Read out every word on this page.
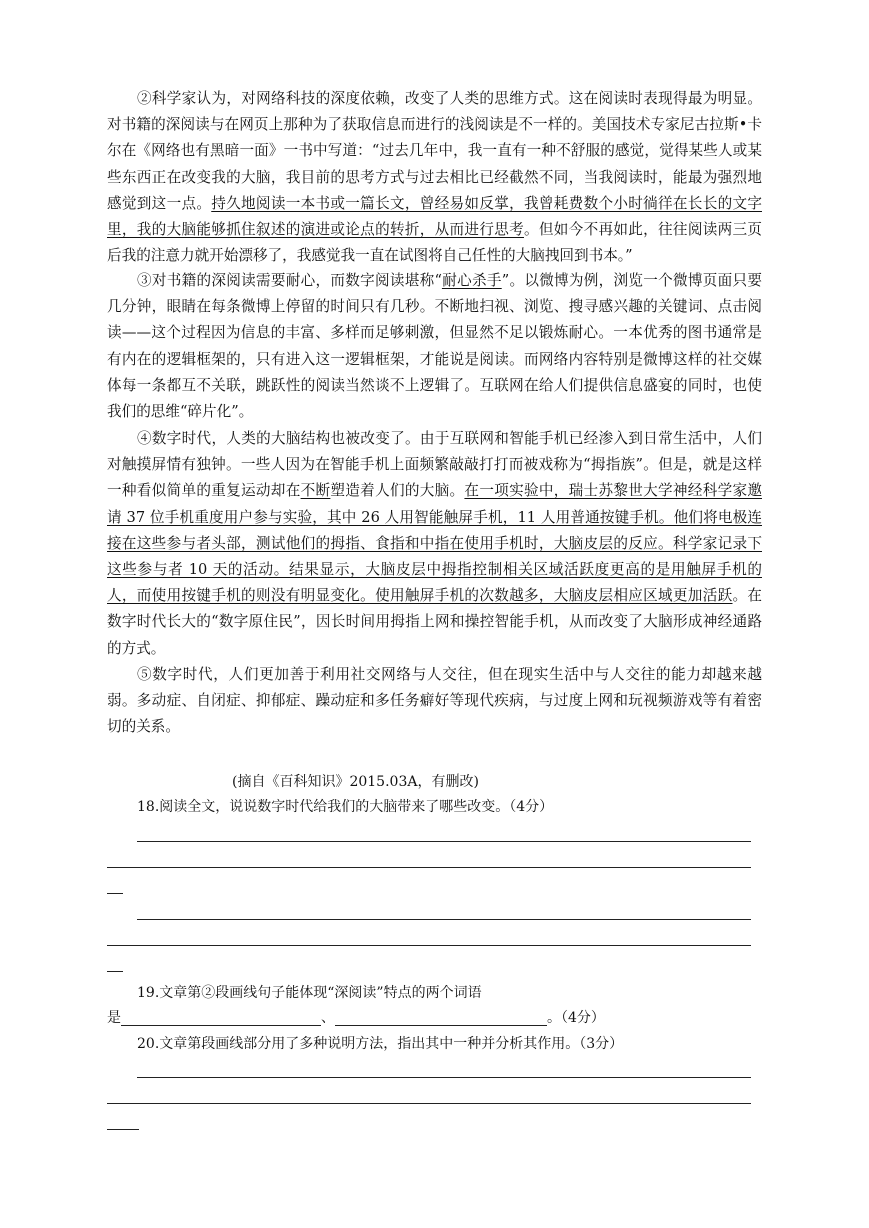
②科学家认为，对网络科技的深度依赖，改变了人类的思维方式。这在阅读时表现得最为明显。对书籍的深阅读与在网页上那种为了获取信息而进行的浅阅读是不一样的。美国技术专家尼古拉斯•卡尔在《网络也有黑暗一面》一书中写道：“过去几年中，我一直有一种不舒服的感觉，觉得某些人或某些东西正在改变我的大脑，我目前的思考方式与过去相比已经截然不同，当我阅读时，能最为强烈地感觉到这一点。持久地阅读一本书或一篇长文，曾经易如反掌，我曾耗费数个小时徜徉在长长的文字里，我的大脑能够抓住叙述的演进或论点的转折，从而进行思考。但如今不再如此，往往阅读两三页后我的注意力就开始漂移了，我感觉我一直在试图将自己任性的大脑拽回到书本。”

③对书籍的深阅读需要耐心，而数字阅读堪称“耐心杀手”。以微博为例，浏览一个微博页面只要几分钟，眼睛在每条微博上停留的时间只有几秒。不断地扫视、浏览、搜寻感兴趣的关键词、点击阅读——这个过程因为信息的丰富、多样而足够刺激，但显然不足以锻炼耐心。一本优秀的图书通常是有内在的逻辑框架的，只有进入这一逻辑框架，才能说是阅读。而网络内容特别是微博这样的社交媒体每一条都互不关联，跳跃性的阅读当然谈不上逻辑了。互联网在给人们提供信息盛宴的同时，也使我们的思维“碎片化”。

④数字时代，人类的大脑结构也被改变了。由于互联网和智能手机已经渗入到日常生活中，人们对触摸屏情有独钟。一些人因为在智能手机上面频繁敲敲打打而被戏称为“拇指族”。但是，就是这样一种看似简单的重复运动却在不断塑造着人们的大脑。在一项实验中，瑞士苏黎世大学神经科学家邀请 37 位手机重度用户参与实验，其中 26 人用智能触屏手机，11 人用普通按键手机。他们将电极连接在这些参与者头部，测试他们的拇指、食指和中指在使用手机时，大脑皮层的反应。科学家记录下这些参与者 10 天的活动。结果显示，大脑皮层中拇指控制相关区域活跃度更高的是用触屏手机的人，而使用按键手机的则没有明显变化。使用触屏手机的次数越多，大脑皮层相应区域更加活跃。在数字时代长大的“数字原住民”，因长时间用拇指上网和操控智能手机，从而改变了大脑形成神经通路的方式。

⑤数字时代，人们更加善于利用社交网络与人交往，但在现实生活中与人交往的能力却越来越弱。多动症、自闭症、抑郁症、躁动症和多任务癖好等现代疾病，与过度上网和玩视频游戏等有着密切的关系。

(摘自《百科知识》2015.03A，有删改)
18.阅读全文，说说数字时代给我们的大脑带来了哪些改变。（4分）
19.文章第②段画线句子能体现“深阅读”特点的两个词语
是	、	。（4分）
20.文章第段画线部分用了多种说明方法，指出其中一种并分析其作用。（3分）
